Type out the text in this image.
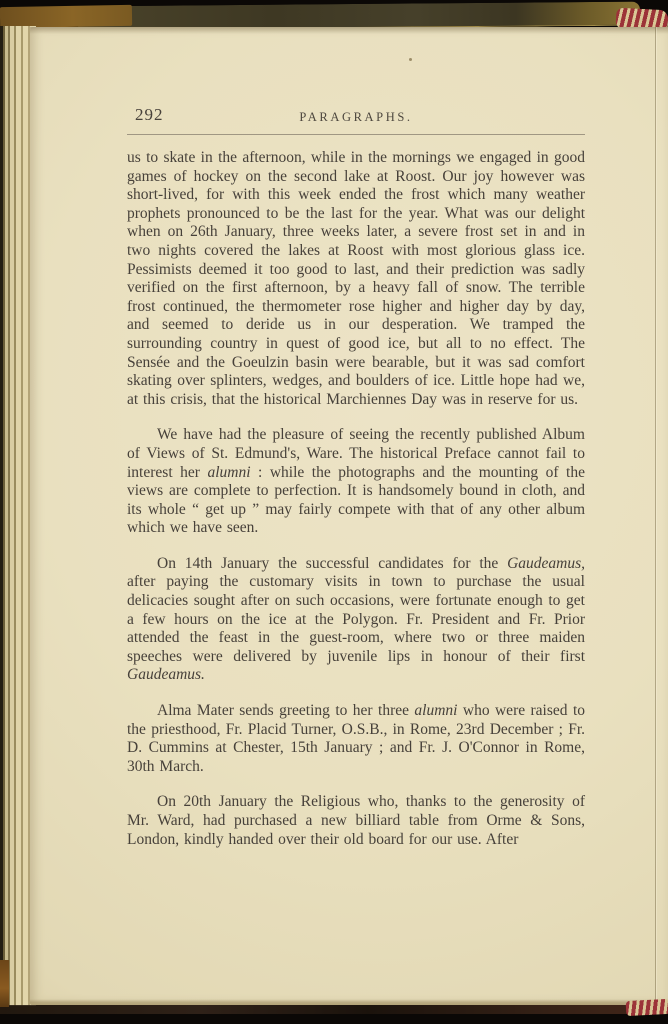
292	PARAGRAPHS.

us to skate in the afternoon, while in the mornings we engaged in good games of hockey on the second lake at Roost. Our joy however was short-lived, for with this week ended the frost which many weather prophets pronounced to be the last for the year. What was our delight when on 26th January, three weeks later, a severe frost set in and in two nights covered the lakes at Roost with most glorious glass ice. Pessimists deemed it too good to last, and their prediction was sadly verified on the first afternoon, by a heavy fall of snow. The terrible frost continued, the thermometer rose higher and higher day by day, and seemed to deride us in our desperation. We tramped the surrounding country in quest of good ice, but all to no effect. The Sensée and the Goeulzin basin were bearable, but it was sad comfort skating over splinters, wedges, and boulders of ice. Little hope had we, at this crisis, that the historical Marchiennes Day was in reserve for us.

We have had the pleasure of seeing the recently published Album of Views of St. Edmund's, Ware. The historical Preface cannot fail to interest her alumni : while the photographs and the mounting of the views are complete to perfection. It is handsomely bound in cloth, and its whole “ get up ” may fairly compete with that of any other album which we have seen.

On 14th January the successful candidates for the Gaudeamus, after paying the customary visits in town to purchase the usual delicacies sought after on such occasions, were fortunate enough to get a few hours on the ice at the Polygon. Fr. President and Fr. Prior attended the feast in the guest-room, where two or three maiden speeches were delivered by juvenile lips in honour of their first Gaudeamus.

Alma Mater sends greeting to her three alumni who were raised to the priesthood, Fr. Placid Turner, O.S.B., in Rome, 23rd December ; Fr. D. Cummins at Chester, 15th January ; and Fr. J. O'Connor in Rome, 30th March.

On 20th January the Religious who, thanks to the generosity of Mr. Ward, had purchased a new billiard table from Orme & Sons, London, kindly handed over their old board for our use. After
